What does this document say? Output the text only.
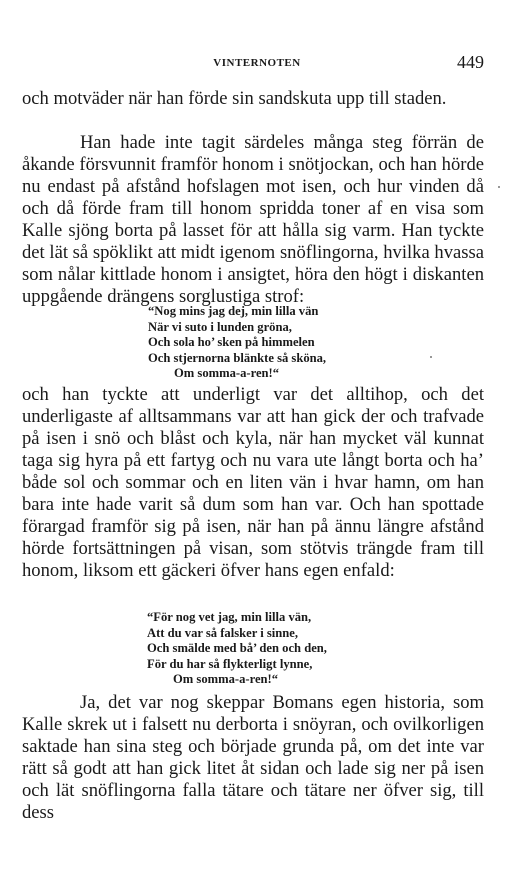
VINTERNOTEN	449

och motväder när han förde sin sandskuta upp till staden.

Han hade inte tagit särdeles många steg förrän de åkande försvunnit framför honom i snötjockan, och han hörde nu endast på afstånd hofslagen mot isen, och hur vinden då och då förde fram till honom spridda toner af en visa som Kalle sjöng borta på lasset för att hålla sig varm. Han tyckte det lät så spöklikt att midt igenom snöflingorna, hvilka hvassa som nålar kittlade honom i ansigtet, höra den högt i diskanten uppgående drängens sorglustiga strof:

“Nog mins jag dej, min lilla vän
När vi suto i lunden gröna,
Och sola ho’ sken på himmelen
Och stjernorna blänkte så sköna,
Om somma-a-ren!“

och han tyckte att underligt var det alltihop, och det underligaste af alltsammans var att han gick der och trafvade på isen i snö och blåst och kyla, när han mycket väl kunnat taga sig hyra på ett fartyg och nu vara ute långt borta och ha’ både sol och sommar och en liten vän i hvar hamn, om han bara inte hade varit så dum som han var. Och han spottade förargad framför sig på isen, när han på ännu längre afstånd hörde fortsättningen på visan, som stötvis trängde fram till honom, liksom ett gäckeri öfver hans egen enfald:

“För nog vet jag, min lilla vän,
Att du var så falsker i sinne,
Och smälde med bå’ den och den,
För du har så flykterligt lynne,
Om somma-a-ren!“

Ja, det var nog skeppar Bomans egen historia, som Kalle skrek ut i falsett nu derborta i snöyran, och ovilkorligen saktade han sina steg och började grunda på, om det inte var rätt så godt att han gick litet åt sidan och lade sig ner på isen och lät snöflingorna falla tätare och tätare ner öfver sig, till dess
